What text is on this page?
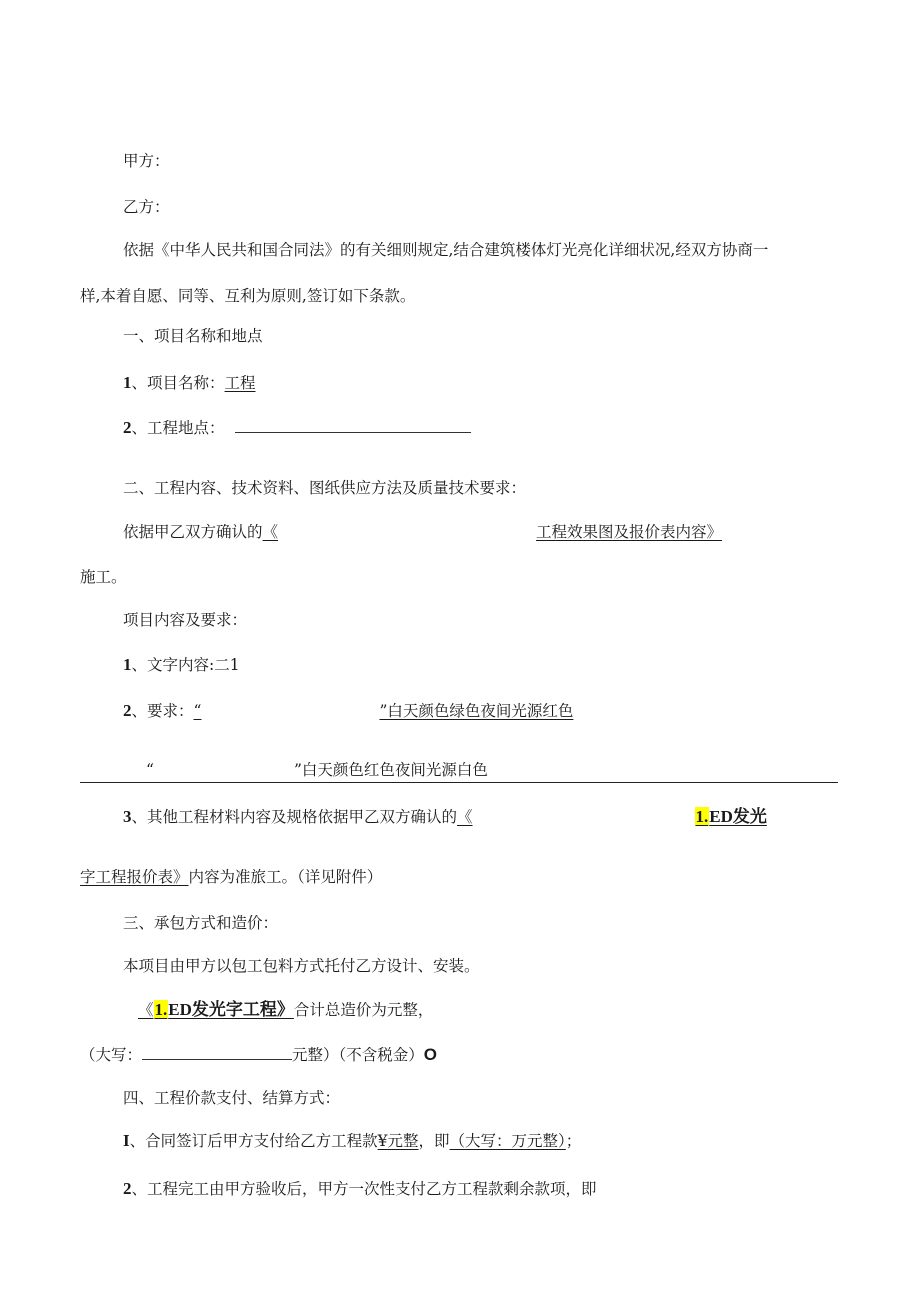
甲方：
乙方：
依据《中华人民共和国合同法》的有关细则规定,结合建筑楼体灯光亮化详细状况,经双方协商一
样,本着自愿、同等、互利为原则,签订如下条款。
一、项目名称和地点
1、项目名称：工程
2、工程地点：
二、工程内容、技术资料、图纸供应方法及质量技术要求：
依据甲乙双方确认的《	工程效果图及报价表内容》
施工。
项目内容及要求：
1、文字内容:二1
2、要求：“	”白天颜色绿色夜间光源红色
“	”白天颜色红色夜间光源白色
3、其他工程材料内容及规格依据甲乙双方确认的《	1.ED发光
字工程报价表》内容为准旅工。（详见附件）
三、承包方式和造价：
本项目由甲方以包工包料方式托付乙方设计、安装。
《1.ED发光字工程》合计总造价为元整，
（大写：	元整）（不含税金）O
四、工程价款支付、结算方式：
I、合同签订后甲方支付给乙方工程款¥元整，即（大写：万元整）；
2、工程完工由甲方验收后，甲方一次性支付乙方工程款剩余款项，即
